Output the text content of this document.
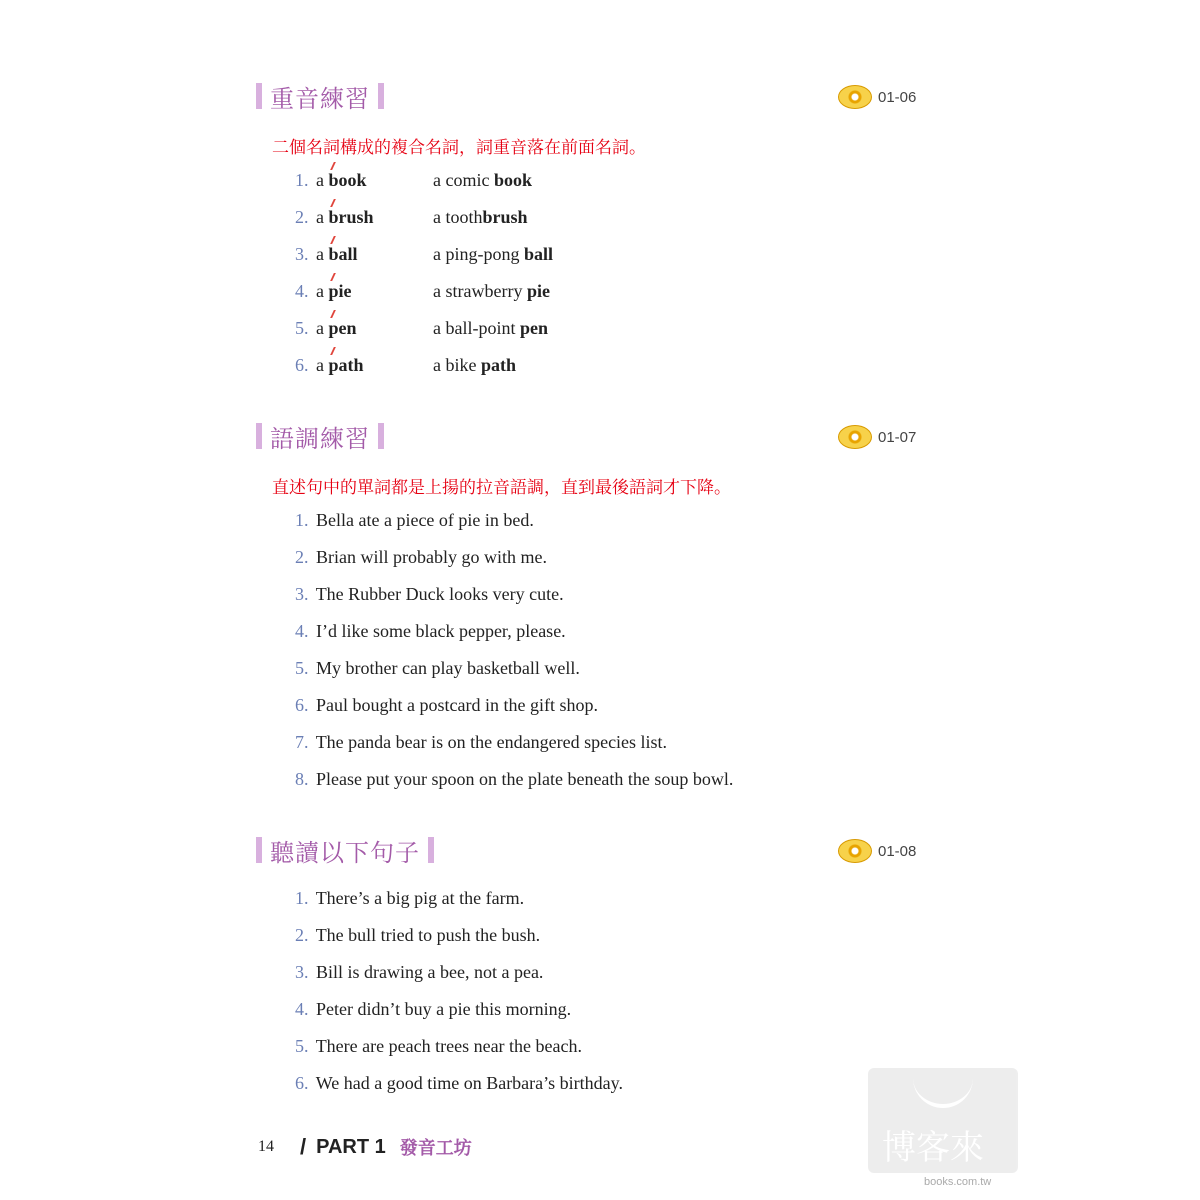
重音練習	01-06
二個名詞構成的複合名詞，詞重音落在前面名詞。
1. a book	a comic book
2. a brush	a toothbrush
3. a ball	a ping-pong ball
4. a pie	a strawberry pie
5. a pen	a ball-point pen
6. a path	a bike path
語調練習	01-07
直述句中的單詞都是上揚的拉音語調，直到最後語詞才下降。
1. Bella ate a piece of pie in bed.
2. Brian will probably go with me.
3. The Rubber Duck looks very cute.
4. I’d like some black pepper, please.
5. My brother can play basketball well.
6. Paul bought a postcard in the gift shop.
7. The panda bear is on the endangered species list.
8. Please put your spoon on the plate beneath the soup bowl.
聽讀以下句子	01-08
1. There’s a big pig at the farm.
2. The bull tried to push the bush.
3. Bill is drawing a bee, not a pea.
4. Peter didn’t buy a pie this morning.
5. There are peach trees near the beach.
6. We had a good time on Barbara’s birthday.
14 / PART 1 發音工坊	博客來
books.com.tw
